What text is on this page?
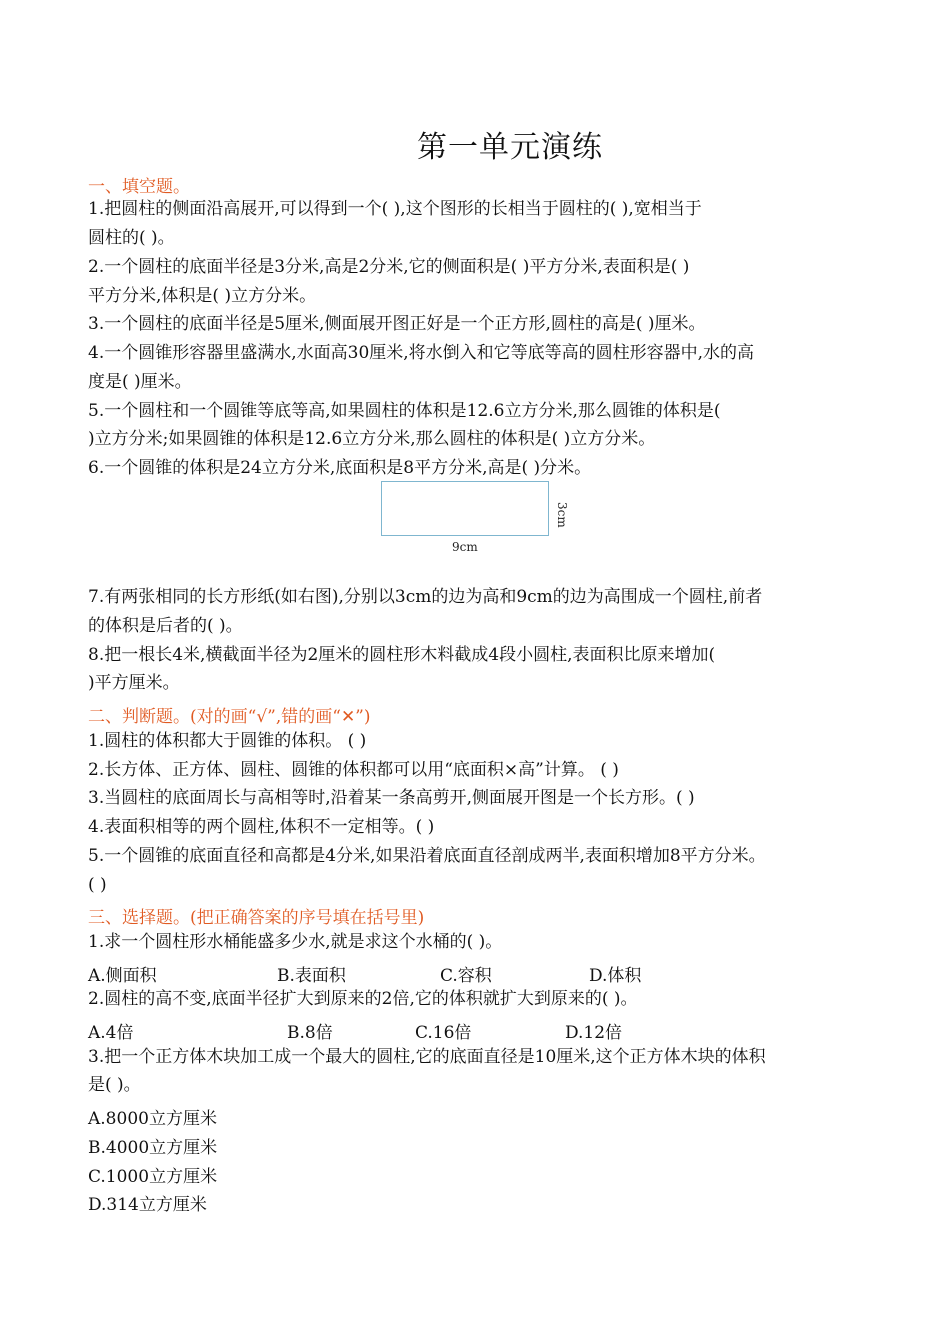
第一单元演练
一、填空题。
1.把圆柱的侧面沿高展开,可以得到一个( ),这个图形的长相当于圆柱的( ),宽相当于
圆柱的( )。
2.一个圆柱的底面半径是3分米,高是2分米,它的侧面积是( )平方分米,表面积是( )
平方分米,体积是( )立方分米。
3.一个圆柱的底面半径是5厘米,侧面展开图正好是一个正方形,圆柱的高是( )厘米。
4.一个圆锥形容器里盛满水,水面高30厘米,将水倒入和它等底等高的圆柱形容器中,水的高
度是( )厘米。
5.一个圆柱和一个圆锥等底等高,如果圆柱的体积是12.6立方分米,那么圆锥的体积是(
)立方分米;如果圆锥的体积是12.6立方分米,那么圆柱的体积是( )立方分米。
6.一个圆锥的体积是24立方分米,底面积是8平方分米,高是( )分米。
9cm
3cm
7.有两张相同的长方形纸(如右图),分别以3cm的边为高和9cm的边为高围成一个圆柱,前者
的体积是后者的( )。
8.把一根长4米,横截面半径为2厘米的圆柱形木料截成4段小圆柱,表面积比原来增加(
)平方厘米。
二、判断题。(对的画“√”,错的画“✕”)
1.圆柱的体积都大于圆锥的体积。 ( )
2.长方体、正方体、圆柱、圆锥的体积都可以用“底面积×高”计算。 ( )
3.当圆柱的底面周长与高相等时,沿着某一条高剪开,侧面展开图是一个长方形。( )
4.表面积相等的两个圆柱,体积不一定相等。( )
5.一个圆锥的底面直径和高都是4分米,如果沿着底面直径剖成两半,表面积增加8平方分米。
( )
三、选择题。(把正确答案的序号填在括号里)
1.求一个圆柱形水桶能盛多少水,就是求这个水桶的( )。
A.侧面积	B.表面积	C.容积	D.体积
2.圆柱的高不变,底面半径扩大到原来的2倍,它的体积就扩大到原来的( )。
A.4倍	B.8倍	C.16倍	D.12倍
3.把一个正方体木块加工成一个最大的圆柱,它的底面直径是10厘米,这个正方体木块的体积
是( )。
A.8000立方厘米
B.4000立方厘米
C.1000立方厘米
D.314立方厘米
